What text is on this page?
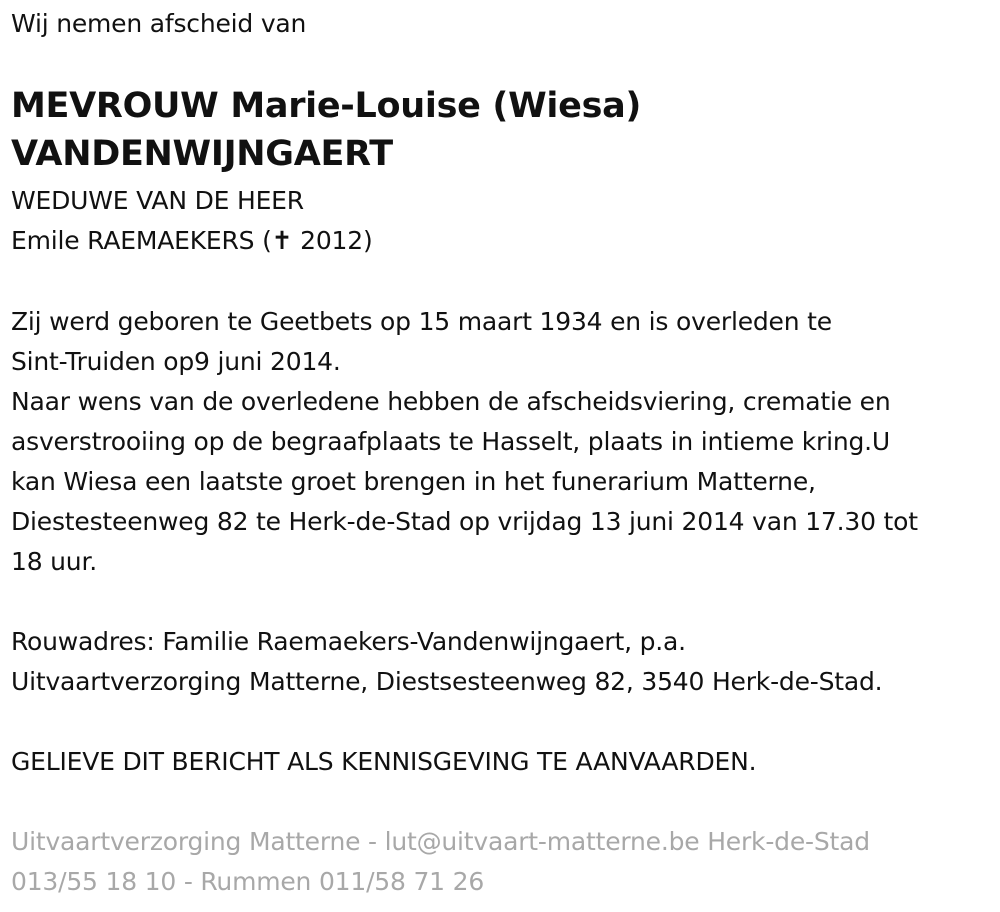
Wij nemen afscheid van
MEVROUW Marie-Louise (Wiesa)
VANDENWIJNGAERT
WEDUWE VAN DE HEER
Emile RAEMAEKERS (✝ 2012)
Zij werd geboren te Geetbets op 15 maart 1934 en is overleden te
Sint-Truiden op9 juni 2014.
Naar wens van de overledene hebben de afscheidsviering, crematie en
asverstrooiing op de begraafplaats te Hasselt, plaats in intieme kring.U
kan Wiesa een laatste groet brengen in het funerarium Matterne,
Diestesteenweg 82 te Herk-de-Stad op vrijdag 13 juni 2014 van 17.30 tot
18 uur.
Rouwadres: Familie Raemaekers-Vandenwijngaert, p.a.
Uitvaartverzorging Matterne, Diestsesteenweg 82, 3540 Herk-de-Stad.
GELIEVE DIT BERICHT ALS KENNISGEVING TE AANVAARDEN.
Uitvaartverzorging Matterne - lut@uitvaart-matterne.be Herk-de-Stad
013/55 18 10 - Rummen 011/58 71 26
